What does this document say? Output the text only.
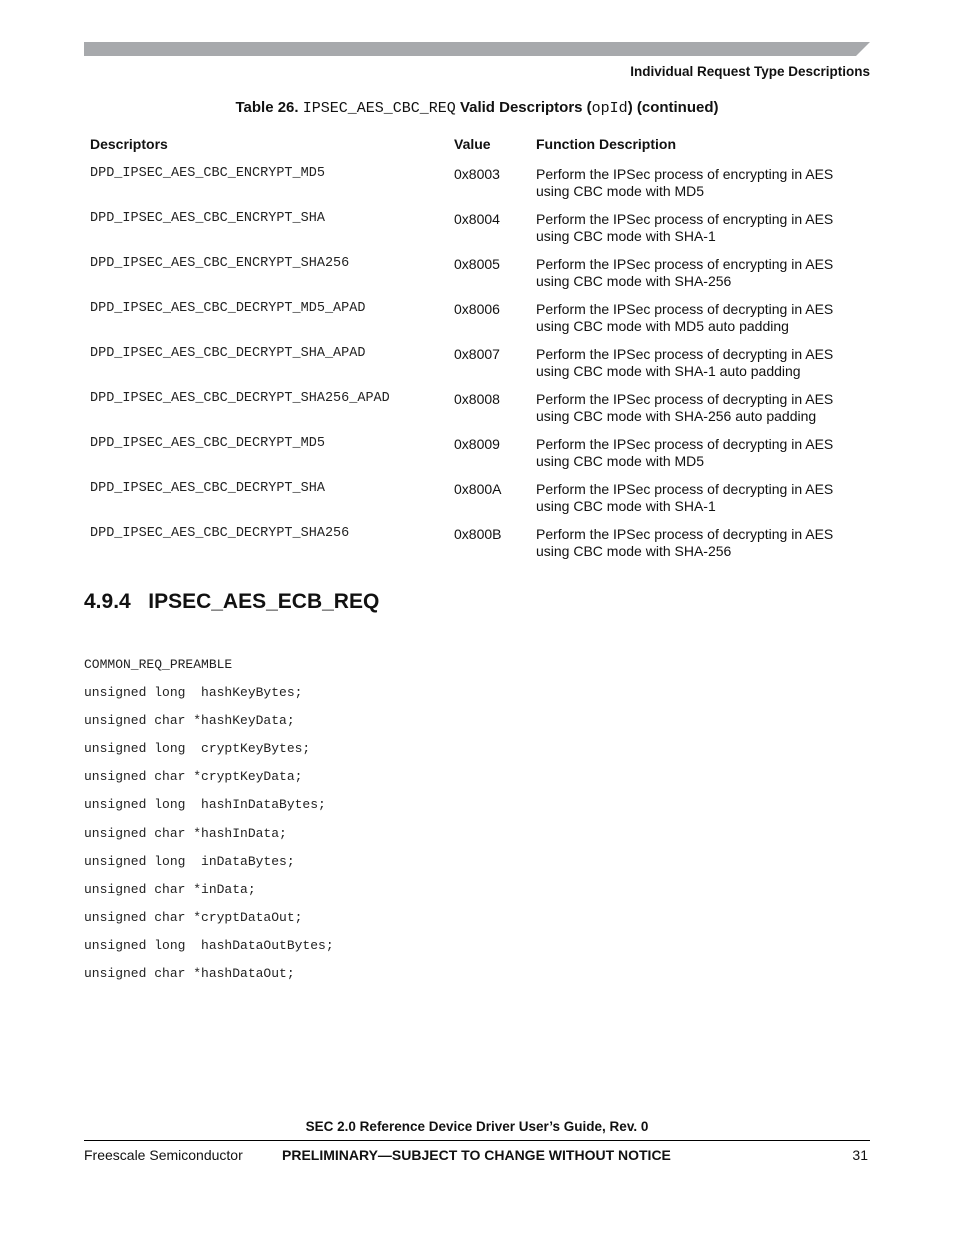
Individual Request Type Descriptions
Table 26. IPSEC_AES_CBC_REQ Valid Descriptors (opId) (continued)
Descriptors	Value	Function Description
DPD_IPSEC_AES_CBC_ENCRYPT_MD5	0x8003	Perform the IPSec process of encrypting in AES
using CBC mode with MD5
DPD_IPSEC_AES_CBC_ENCRYPT_SHA	0x8004	Perform the IPSec process of encrypting in AES
using CBC mode with SHA-1
DPD_IPSEC_AES_CBC_ENCRYPT_SHA256	0x8005	Perform the IPSec process of encrypting in AES
using CBC mode with SHA-256
DPD_IPSEC_AES_CBC_DECRYPT_MD5_APAD	0x8006	Perform the IPSec process of decrypting in AES
using CBC mode with MD5 auto padding
DPD_IPSEC_AES_CBC_DECRYPT_SHA_APAD	0x8007	Perform the IPSec process of decrypting in AES
using CBC mode with SHA-1 auto padding
DPD_IPSEC_AES_CBC_DECRYPT_SHA256_APAD	0x8008	Perform the IPSec process of decrypting in AES
using CBC mode with SHA-256 auto padding
DPD_IPSEC_AES_CBC_DECRYPT_MD5	0x8009	Perform the IPSec process of decrypting in AES
using CBC mode with MD5
DPD_IPSEC_AES_CBC_DECRYPT_SHA	0x800A Perform the IPSec process of decrypting in AES
using CBC mode with SHA-1
DPD_IPSEC_AES_CBC_DECRYPT_SHA256	0x800B Perform the IPSec process of decrypting in AES
using CBC mode with SHA-256
4.9.4 IPSEC_AES_ECB_REQ
COMMON_REQ_PREAMBLE
unsigned long  hashKeyBytes;
unsigned char *hashKeyData;
unsigned long  cryptKeyBytes;
unsigned char *cryptKeyData;
unsigned long  hashInDataBytes;
unsigned char *hashInData;
unsigned long  inDataBytes;
unsigned char *inData;
unsigned char *cryptDataOut;
unsigned long  hashDataOutBytes;
unsigned char *hashDataOut;
SEC 2.0 Reference Device Driver User’s Guide, Rev. 0
Freescale Semiconductor	PRELIMINARY—SUBJECT TO CHANGE WITHOUT NOTICE	31
